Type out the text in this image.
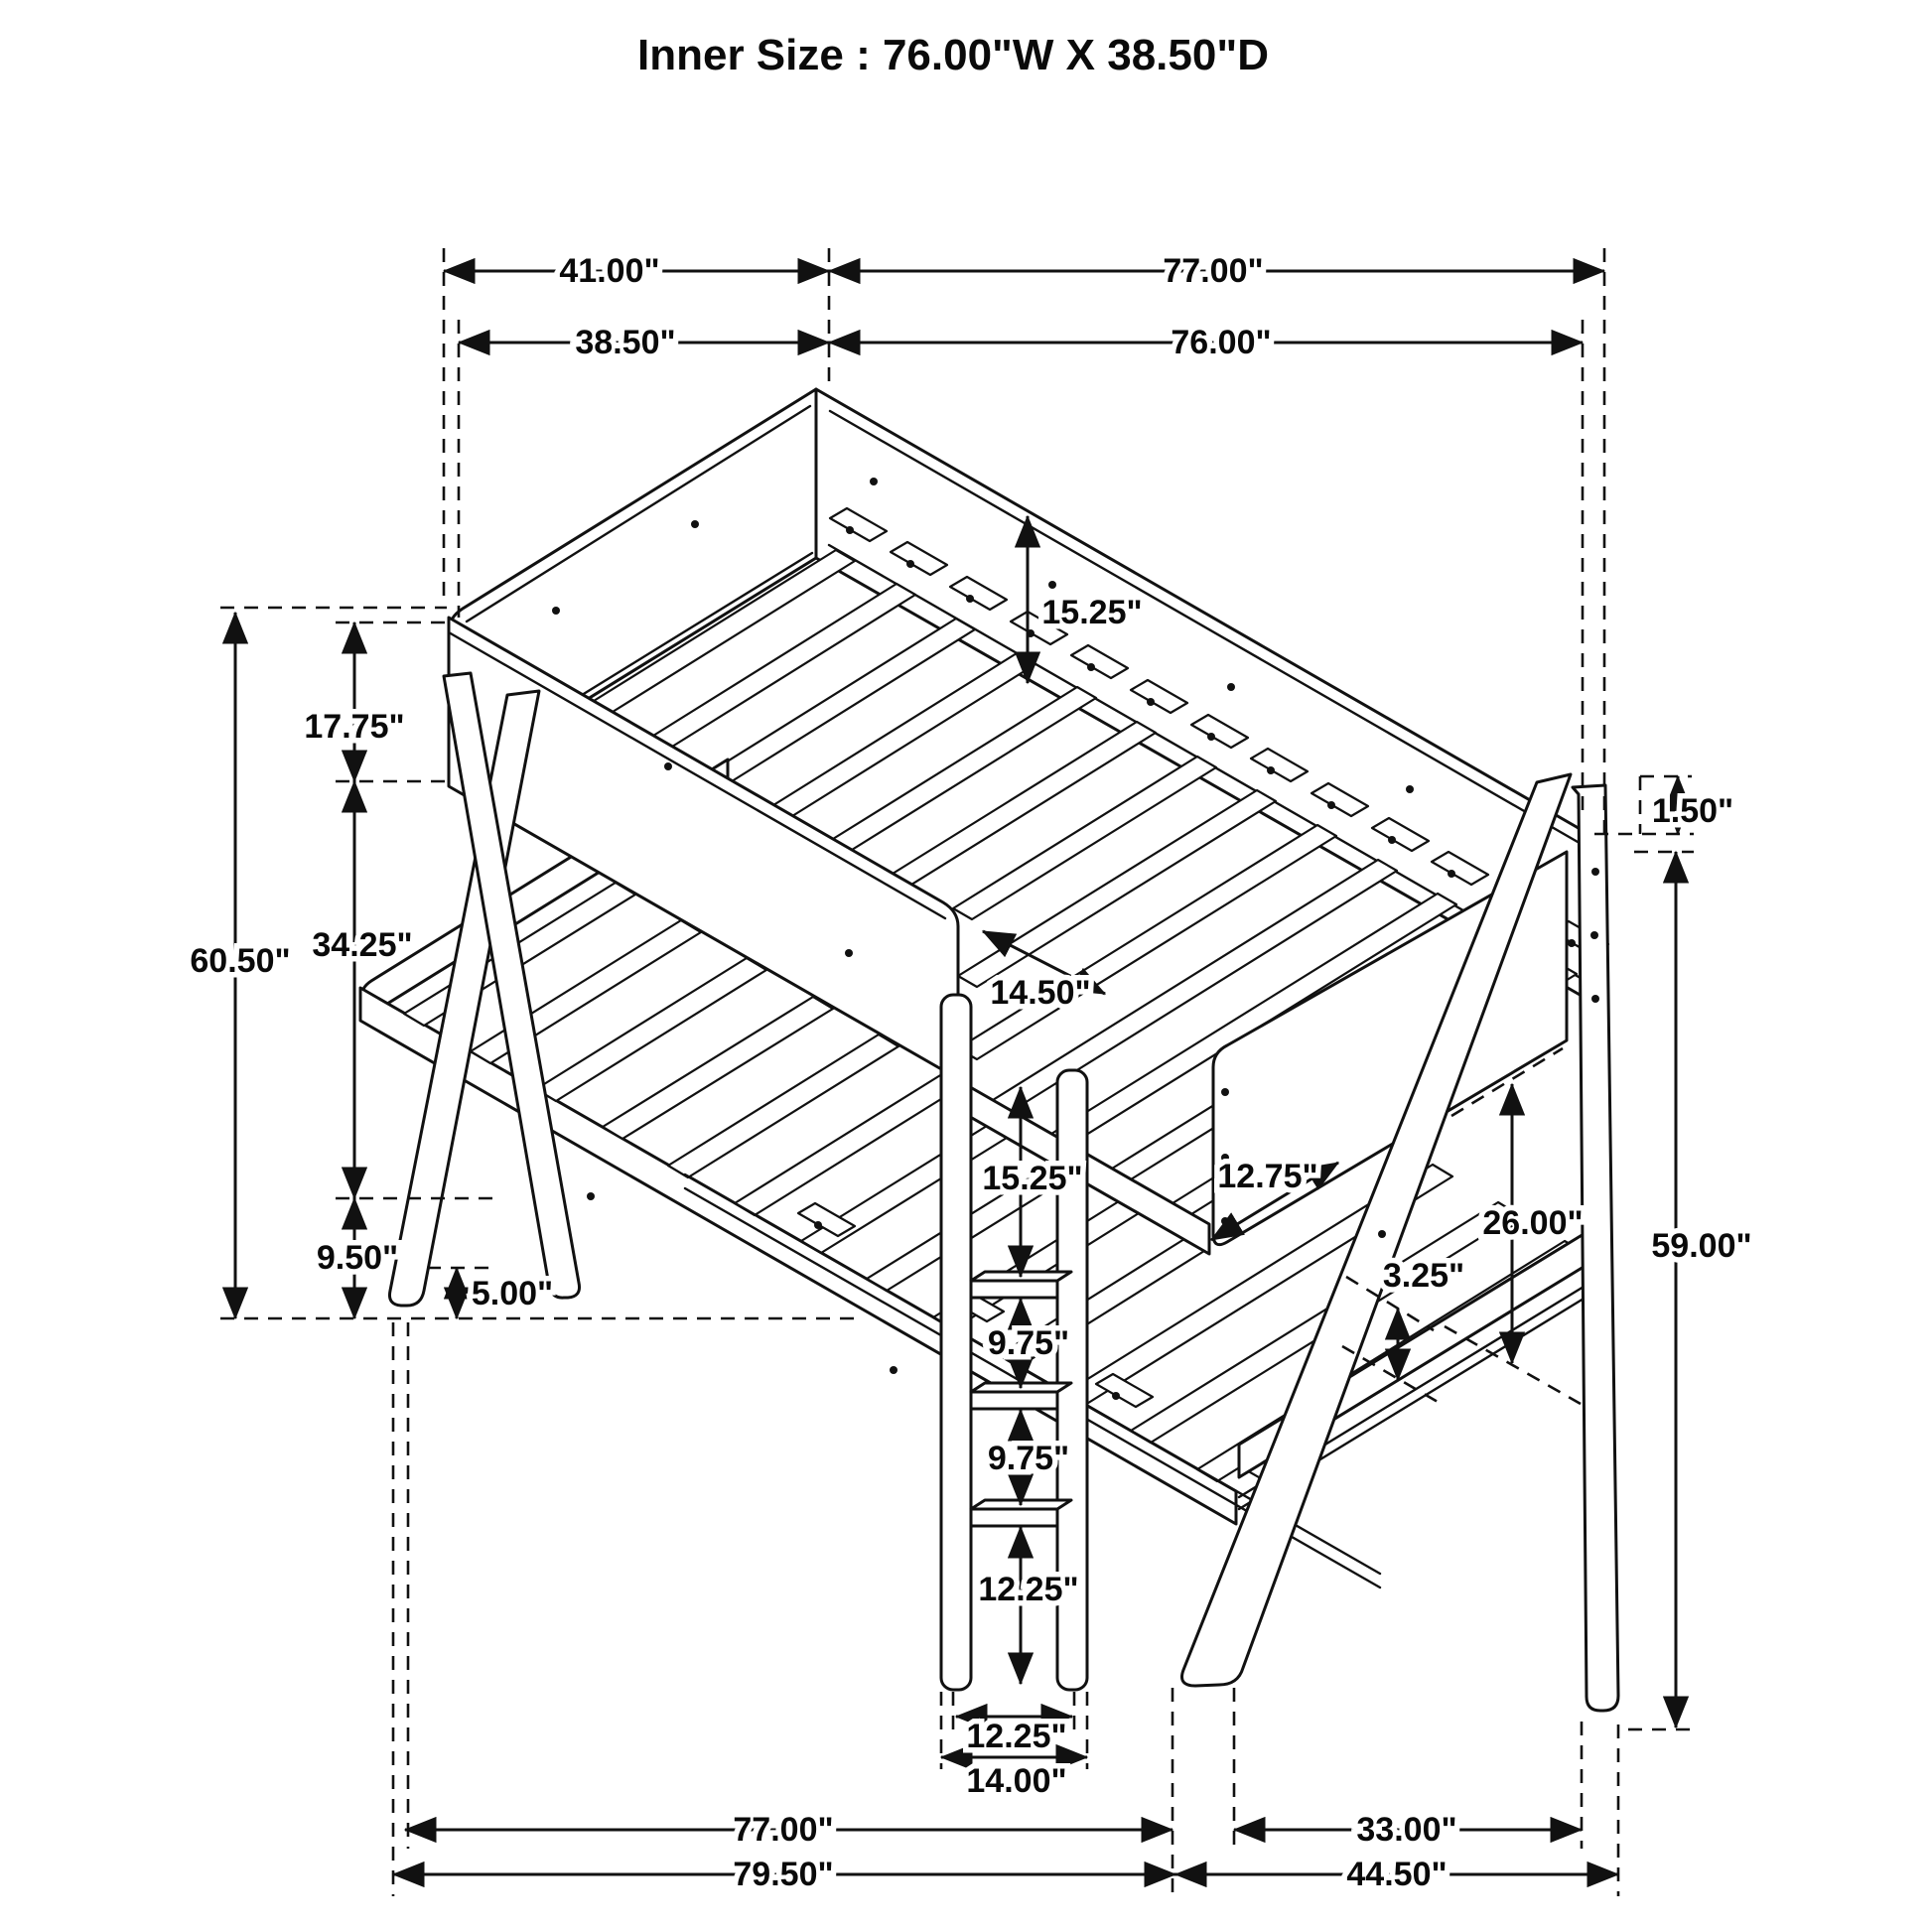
41.00"	77.00"
38.50"	76.00"
60.50"
17.75"
34.25"
9.50"
5.00"
15.25"
14.50"
12.75"
15.25"
9.75"
9.75"
12.25"
12.25"
14.00"
1.50"
59.00"
26.00"
3.25"
77.00"	33.00"
79.50"	44.50"
Inner Size : 76.00"W X 38.50"D
